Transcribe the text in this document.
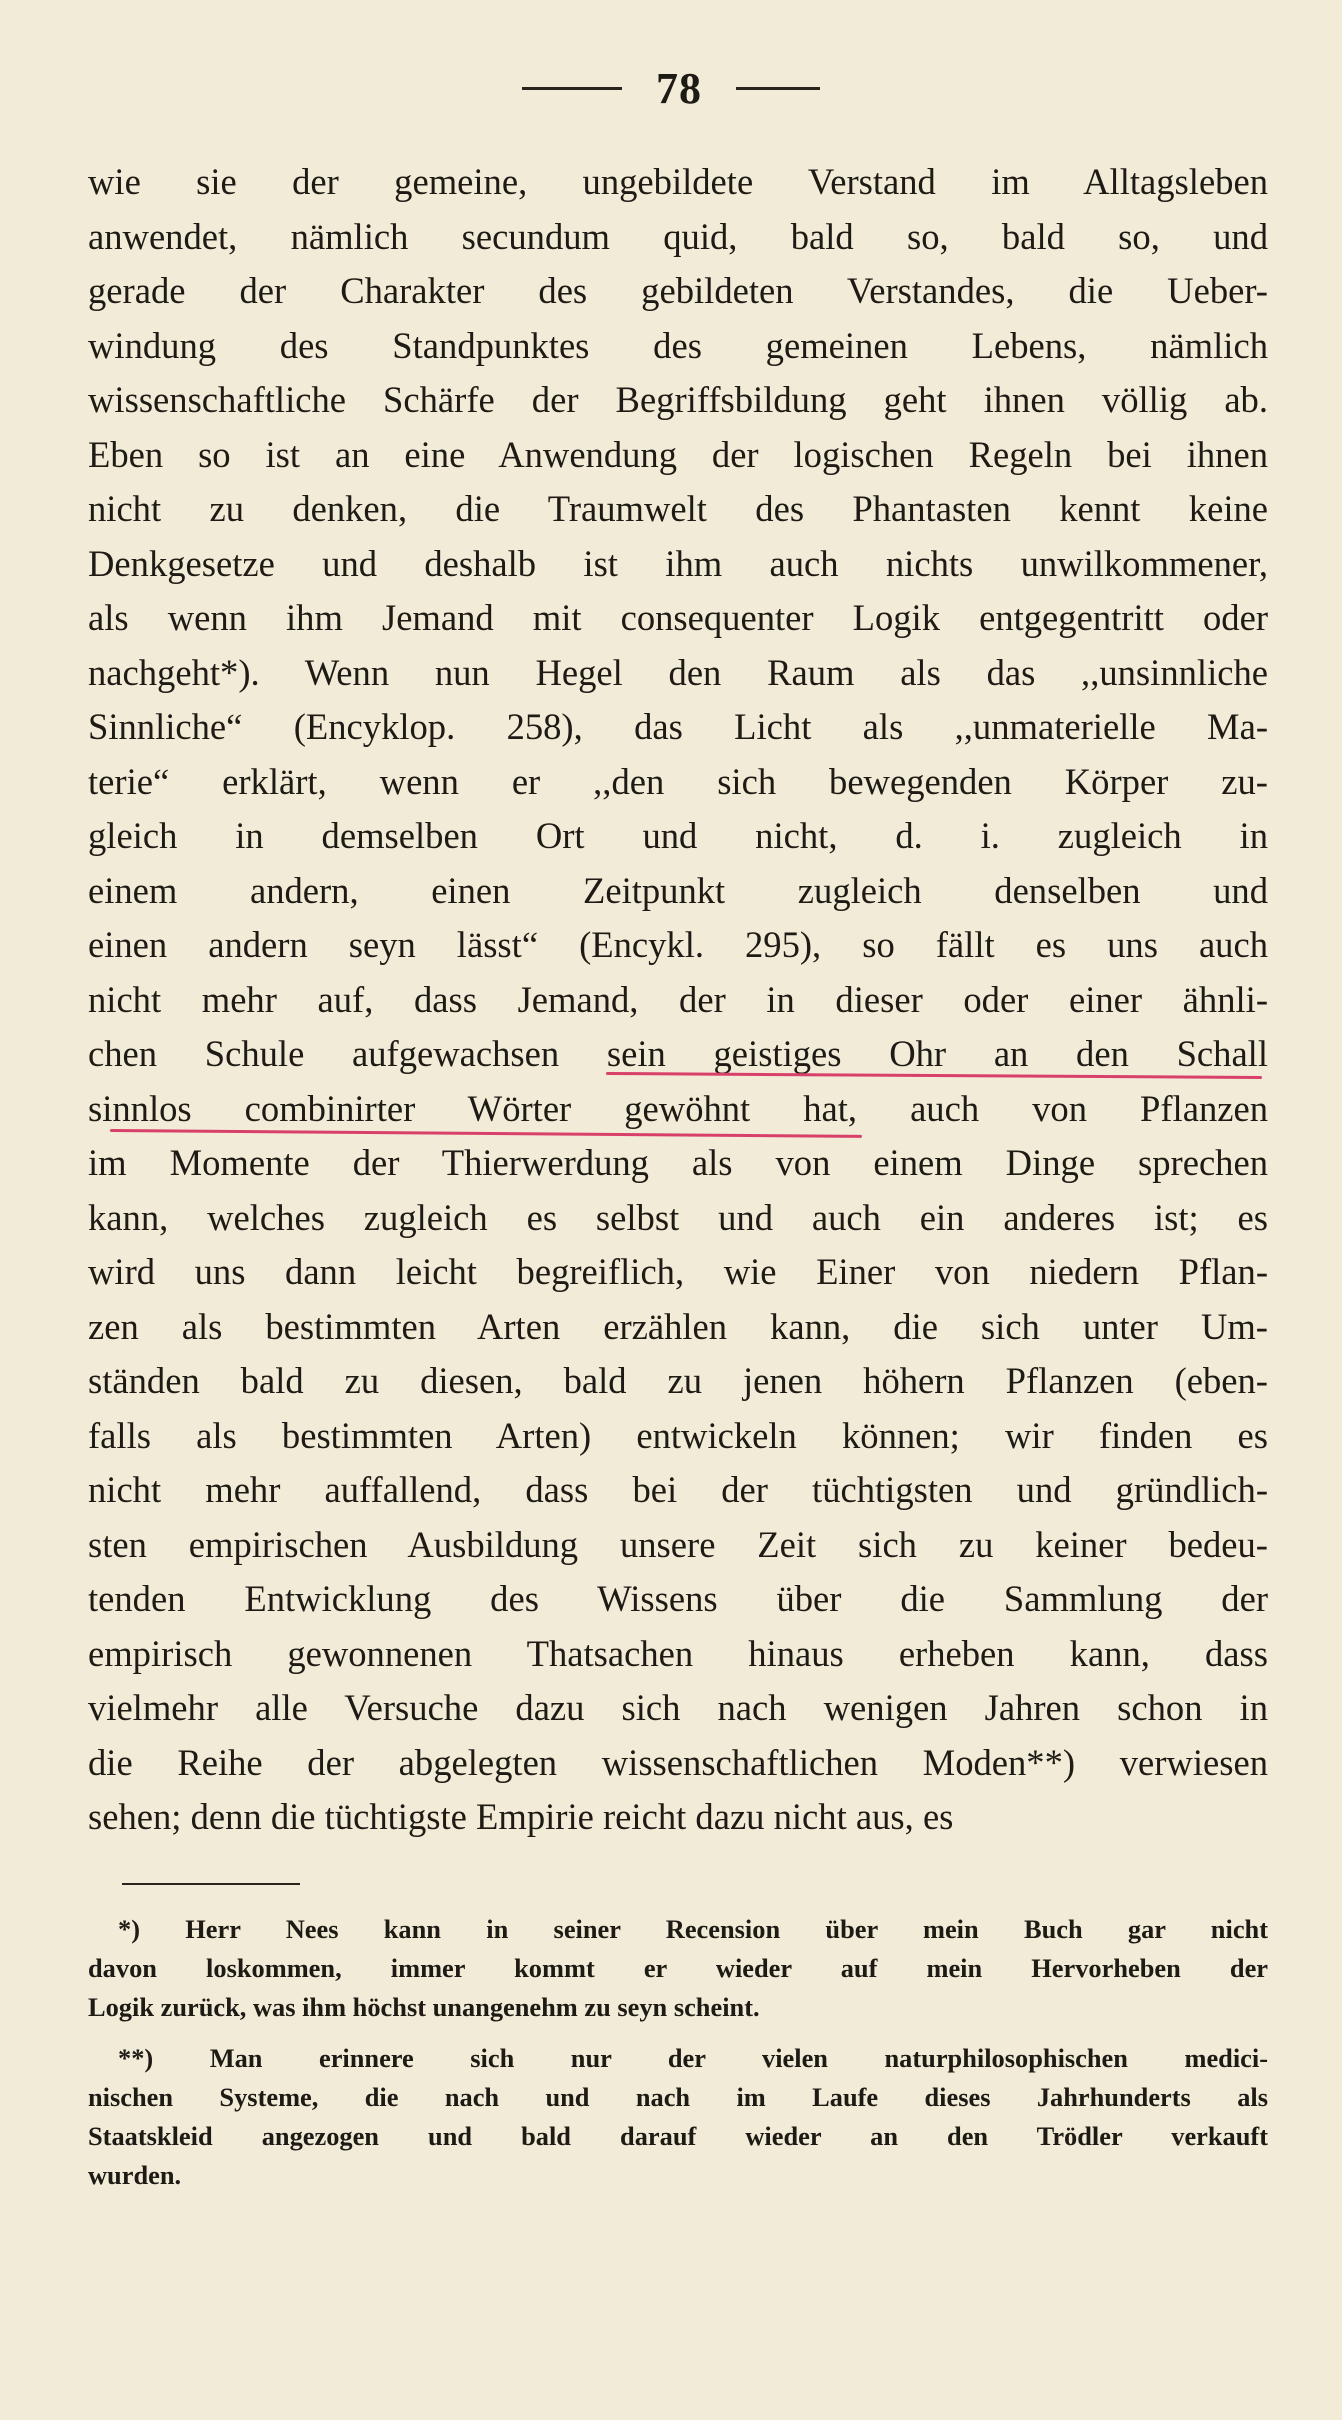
78
wie sie der gemeine, ungebildete Verstand im Alltagsleben
anwendet, nämlich secundum quid, bald so, bald so, und
gerade der Charakter des gebildeten Verstandes, die Ueber-
windung des Standpunktes des gemeinen Lebens, nämlich
wissenschaftliche Schärfe der Begriffsbildung geht ihnen völlig ab.
Eben so ist an eine Anwendung der logischen Regeln bei ihnen
nicht zu denken, die Traumwelt des Phantasten kennt keine
Denkgesetze und deshalb ist ihm auch nichts unwilkommener,
als wenn ihm Jemand mit consequenter Logik entgegentritt oder
nachgeht*). Wenn nun Hegel den Raum als das ,,unsinnliche
Sinnliche“ (Encyklop. 258), das Licht als ,,unmaterielle Ma-
terie“ erklärt, wenn er ,,den sich bewegenden Körper zu-
gleich in demselben Ort und nicht, d. i. zugleich in
einem andern, einen Zeitpunkt zugleich denselben und
einen andern seyn lässt“ (Encykl. 295), so fällt es uns auch
nicht mehr auf, dass Jemand, der in dieser oder einer ähnli-
chen Schule aufgewachsen sein geistiges Ohr an den Schall
sinnlos combinirter Wörter gewöhnt hat, auch von Pflanzen
im Momente der Thierwerdung als von einem Dinge sprechen
kann, welches zugleich es selbst und auch ein anderes ist; es
wird uns dann leicht begreiflich, wie Einer von niedern Pflan-
zen als bestimmten Arten erzählen kann, die sich unter Um-
ständen bald zu diesen, bald zu jenen höhern Pflanzen (eben-
falls als bestimmten Arten) entwickeln können; wir finden es
nicht mehr auffallend, dass bei der tüchtigsten und gründlich-
sten empirischen Ausbildung unsere Zeit sich zu keiner bedeu-
tenden Entwicklung des Wissens über die Sammlung der
empirisch gewonnenen Thatsachen hinaus erheben kann, dass
vielmehr alle Versuche dazu sich nach wenigen Jahren schon in
die Reihe der abgelegten wissenschaftlichen Moden**) verwiesen
sehen; denn die tüchtigste Empirie reicht dazu nicht aus, es
*) Herr Nees kann in seiner Recension über mein Buch gar nicht
davon loskommen, immer kommt er wieder auf mein Hervorheben der
Logik zurück, was ihm höchst unangenehm zu seyn scheint.
**) Man erinnere sich nur der vielen naturphilosophischen medici-
nischen Systeme, die nach und nach im Laufe dieses Jahrhunderts als
Staatskleid angezogen und bald darauf wieder an den Trödler verkauft
wurden.
